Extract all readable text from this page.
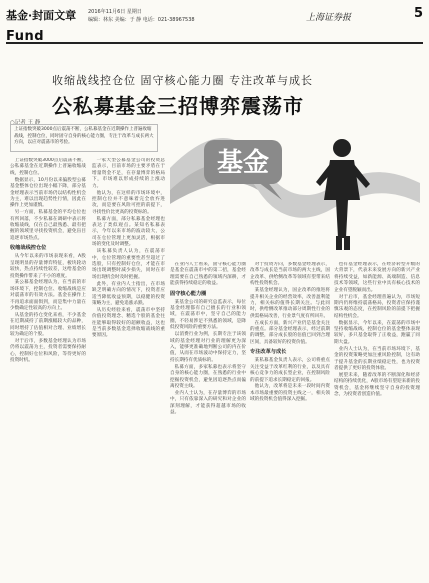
基金·封面文章
Fund
2016年11月6日 星期日
编辑：林东 美编：于 静 电话：021-38967538	上海证券报	5
收缩战线控仓位 固守核心能力圈 专注改革与成长
公私募基金三招博弈震荡市
○记者 王 静
上证指数突破3000点后震荡不断，公私募基金在近期操作上普遍收缩战线，控制仓位，同时固守自身的核心能力圈，专注于改革与成长两大方向，以应对震荡市的考验。
基金

上证指数突破3000点后震荡不断，公私募基金在近期操作上普遍收缩战线，控制仓位。

数据显示，10月份以来偏股型公募基金整体仓位出现小幅下降，部分基金经理表示当前市场仍以结构性机会为主，难以出现趋势性行情，因此在操作上更加谨慎。

另一方面，私募基金的平均仓位也有所回落，不少私募在调研中表示将收缩战线，仅在自己最熟悉、最有把握的领域里寻找投资机会，避免盲目追逐市场热点。

收缩战线控仓位

从今年以来的市场表现来看，A股呈现明显的存量博弈特征，板块轮动较快，热点持续性较差，这给基金的投资操作带来了不小的难度。

某公募基金经理认为，在当前的市场环境下，控制仓位、收缩战线是应对震荡市的有效方法。基金在操作上不再追求面面俱到，而是集中力量在少数确定性较高的方向上。

从基金的持仓变化来看，不少基金在近期减持了前期涨幅较大的品种，同时增持了估值相对合理、业绩增长较为确定的个股。

对于后市，多数基金经理认为市场仍将以震荡为主，投资者需要保持耐心，控制好仓位和风险，等待更好的投资时机。

一家大型公募基金公司的投资总监表示，目前市场的主要矛盾在于增量资金不足，在存量博弈的格局下，市场难以形成持续的上涨动力。

他认为，在这样的市场环境中，控制仓位并不意味着完全放弃进攻，而是要在风险可控的前提下，寻找性价比更高的投资标的。

私募方面，部分私募基金经理也表达了类似观点。某知名私募表示，今年以来市场的波动较大，公司在仓位管理上更加灵活，根据市场的变化及时调整。

该私募负责人认为，在震荡市中，仓位管理的重要性甚至超过了选股，只有控制好仓位，才能在市场出现调整时减少损失，同时在市场出现机会时及时把握。

此外，有业内人士指出，在市场缺乏明确方向的情况下，投资者应适当降低收益预期，以稳健的投资策略为主，避免追涨杀跌。

从历史经验来看，震荡市中坚持价值投资理念、精选个股的基金往往能够取得较好的超额收益，这也是当前多数基金选择收缩战线的重要原因。

在业内人士看来，固守核心能力圈是基金在震荡市中的第二招，基金经理需要在自己熟悉的领域内深耕，才能获得持续稳定的收益。

固守核心能力圈

某基金公司的研究总监表示，每位基金经理都有自己擅长的行业和领域，在震荡市中，坚守自己的能力圈，不轻易涉足不熟悉的领域，是降低投资风险的重要方法。

以消费行业为例，长期专注于该领域的基金经理对行业的理解更为深入，能够更准确地判断公司的内在价值，从而在市场波动中保持定力，坚持长期持有优质标的。

私募方面，多家私募也表示将坚守自身的核心能力圈，在熟悉的行业中挖掘投资机会，避免因追逐热点而偏离投资主线。

业内人士认为，在存量博弈的市场中，只有依靠深入的研究和对企业的深刻理解，才能获得超越市场的收益。

对于投资方向，多数基金经理表示，改革与成长是当前市场的两大主线，国企改革、供给侧改革等领域有望带来结构性投资机会。

某基金经理认为，国企改革的推进将提升相关企业的经营效率，改善盈利能力，相关标的值得长期关注。与此同时，供给侧改革推动部分周期性行业的供需格局改善，行业景气度有所回升。

在成长方面，新兴产业仍是基金关注的重点。部分基金经理表示，经过前期的调整，部分成长股的估值已回到合理区间，具备较好的投资价值。

专注改革与成长

某私募基金负责人表示，公司将重点关注受益于改革红利的行业，以及具有核心竞争力的成长型企业，在控制风险的前提下追求长期稳定的回报。

他认为，改革将是未来一段时间内资本市场最重要的投资主线之一，相关领域的投资机会值得深入挖掘。

也有基金经理表示，在经济转型升级的大背景下，代表未来发展方向的新兴产业将持续受益，如新能源、高端制造、信息技术等领域，这些行业中具有核心技术的企业有望脱颖而出。

对于后市，基金经理普遍认为，市场短期内仍将维持震荡格局，投资者应保持谨慎乐观的态度，在控制风险的前提下把握结构性机会。

数据显示，今年以来，在震荡的市场中坚持收缩战线、控制仓位的基金整体表现较好，多只基金取得了正收益，跑赢了同期大盘。

业内人士认为，在当前市场环境下，基金的投资策略更加注重风险控制，这有助于提升基金的长期业绩稳定性，也为投资者提供了更好的投资体验。

展望未来，随着改革的不断深化和经济结构的持续优化，A股市场有望迎来新的投资机会，基金将继续坚守自身的投资理念，为投资者创造价值。
